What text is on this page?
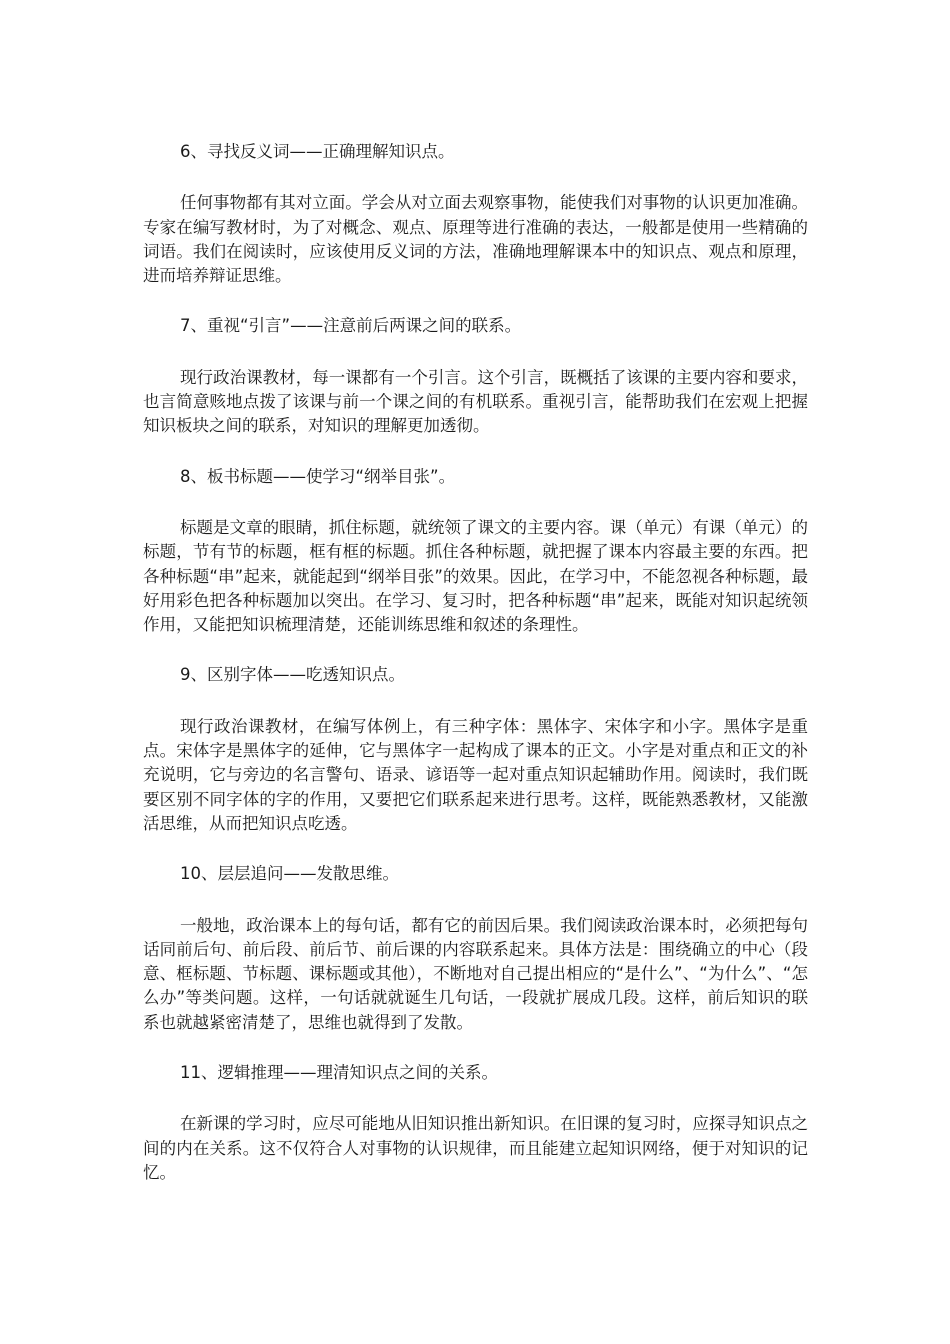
6、寻找反义词——正确理解知识点。

任何事物都有其对立面。学会从对立面去观察事物，能使我们对事物的认识更加准确。专家在编写教材时，为了对概念、观点、原理等进行准确的表达，一般都是使用一些精确的词语。我们在阅读时，应该使用反义词的方法，准确地理解课本中的知识点、观点和原理，进而培养辩证思维。

7、重视“引言”——注意前后两课之间的联系。

现行政治课教材，每一课都有一个引言。这个引言，既概括了该课的主要内容和要求，也言简意赅地点拨了该课与前一个课之间的有机联系。重视引言，能帮助我们在宏观上把握知识板块之间的联系，对知识的理解更加透彻。

8、板书标题——使学习“纲举目张”。

标题是文章的眼睛，抓住标题，就统领了课文的主要内容。课（单元）有课（单元）的标题，节有节的标题，框有框的标题。抓住各种标题，就把握了课本内容最主要的东西。把各种标题“串”起来，就能起到“纲举目张”的效果。因此，在学习中，不能忽视各种标题，最好用彩色把各种标题加以突出。在学习、复习时，把各种标题“串”起来，既能对知识起统领作用，又能把知识梳理清楚，还能训练思维和叙述的条理性。

9、区别字体——吃透知识点。

现行政治课教材，在编写体例上，有三种字体：黑体字、宋体字和小字。黑体字是重点。宋体字是黑体字的延伸，它与黑体字一起构成了课本的正文。小字是对重点和正文的补充说明，它与旁边的名言警句、语录、谚语等一起对重点知识起辅助作用。阅读时，我们既要区别不同字体的字的作用，又要把它们联系起来进行思考。这样，既能熟悉教材，又能激活思维，从而把知识点吃透。

10、层层追问——发散思维。

一般地，政治课本上的每句话，都有它的前因后果。我们阅读政治课本时，必须把每句话同前后句、前后段、前后节、前后课的内容联系起来。具体方法是：围绕确立的中心（段意、框标题、节标题、课标题或其他），不断地对自己提出相应的“是什么”、“为什么”、“怎么办”等类问题。这样，一句话就就诞生几句话，一段就扩展成几段。这样，前后知识的联系也就越紧密清楚了，思维也就得到了发散。

11、逻辑推理——理清知识点之间的关系。

在新课的学习时，应尽可能地从旧知识推出新知识。在旧课的复习时，应探寻知识点之间的内在关系。这不仅符合人对事物的认识规律，而且能建立起知识网络，便于对知识的记忆。
